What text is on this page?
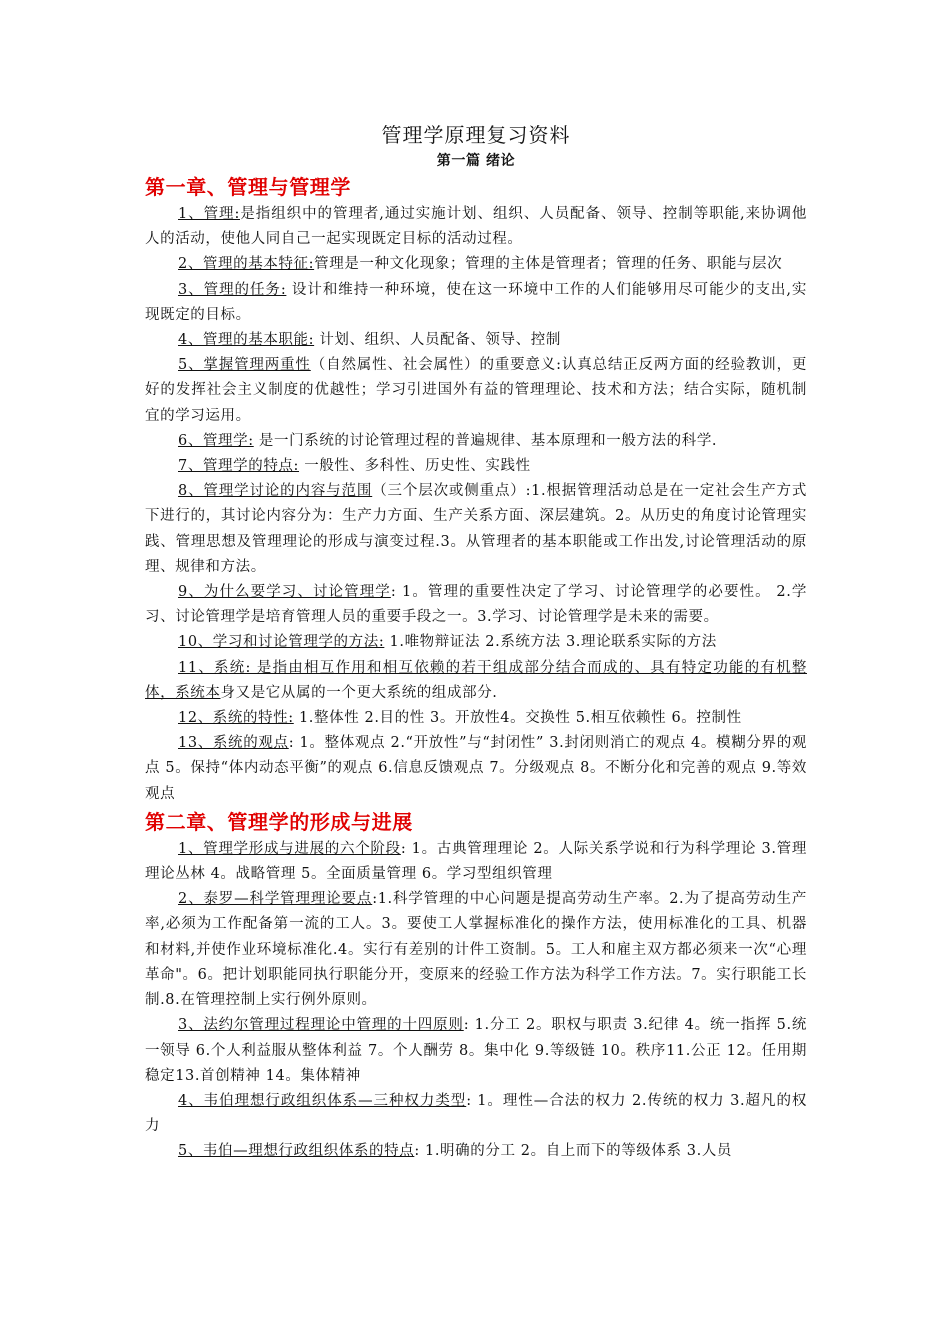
管理学原理复习资料

第一篇 绪论

第一章、管理与管理学

1、管理:是指组织中的管理者,通过实施计划、组织、人员配备、领导、控制等职能,来协调他人的活动，使他人同自己一起实现既定目标的活动过程。

2、管理的基本特征:管理是一种文化现象；管理的主体是管理者；管理的任务、职能与层次

3、管理的任务: 设计和维持一种环境，使在这一环境中工作的人们能够用尽可能少的支出,实现既定的目标。

4、管理的基本职能: 计划、组织、人员配备、领导、控制

5、掌握管理两重性（自然属性、社会属性）的重要意义:认真总结正反两方面的经验教训，更好的发挥社会主义制度的优越性；学习引进国外有益的管理理论、技术和方法；结合实际，随机制宜的学习运用。

6、管理学: 是一门系统的讨论管理过程的普遍规律、基本原理和一般方法的科学.

7、管理学的特点: 一般性、多科性、历史性、实践性

8、管理学讨论的内容与范围（三个层次或侧重点）:1.根据管理活动总是在一定社会生产方式下进行的，其讨论内容分为：生产力方面、生产关系方面、深层建筑。2。从历史的角度讨论管理实践、管理思想及管理理论的形成与演变过程.3。从管理者的基本职能或工作出发,讨论管理活动的原理、规律和方法。

9、为什么要学习、讨论管理学: 1。管理的重要性决定了学习、讨论管理学的必要性。 2.学习、讨论管理学是培育管理人员的重要手段之一。3.学习、讨论管理学是未来的需要。

10、学习和讨论管理学的方法: 1.唯物辩证法 2.系统方法 3.理论联系实际的方法

11、系统: 是指由相互作用和相互依赖的若干组成部分结合而成的、具有特定功能的有机整体，系统本身又是它从属的一个更大系统的组成部分.

12、系统的特性: 1.整体性 2.目的性 3。开放性4。交换性 5.相互依赖性 6。控制性

13、系统的观点: 1。整体观点 2.“开放性”与“封闭性” 3.封闭则消亡的观点 4。模糊分界的观点 5。保持“体内动态平衡”的观点 6.信息反馈观点 7。分级观点 8。不断分化和完善的观点 9.等效观点

第二章、管理学的形成与进展

1、管理学形成与进展的六个阶段: 1。古典管理理论 2。人际关系学说和行为科学理论 3.管理理论丛林 4。战略管理 5。全面质量管理 6。学习型组织管理

2、泰罗—科学管理理论要点:1.科学管理的中心问题是提高劳动生产率。2.为了提高劳动生产率,必须为工作配备第一流的工人。3。要使工人掌握标准化的操作方法，使用标准化的工具、机器和材料,并使作业环境标准化.4。实行有差别的计件工资制。5。工人和雇主双方都必须来一次“心理革命"。6。把计划职能同执行职能分开，变原来的经验工作方法为科学工作方法。7。实行职能工长制.8.在管理控制上实行例外原则。

3、法约尔管理过程理论中管理的十四原则: 1.分工 2。职权与职责 3.纪律 4。统一指挥 5.统一领导 6.个人利益服从整体利益 7。个人酬劳 8。集中化 9.等级链 10。秩序11.公正 12。任用期稳定13.首创精神 14。集体精神

4、韦伯理想行政组织体系—三种权力类型: 1。理性—合法的权力 2.传统的权力 3.超凡的权力

5、韦伯—理想行政组织体系的特点: 1.明确的分工 2。自上而下的等级体系 3.人员
